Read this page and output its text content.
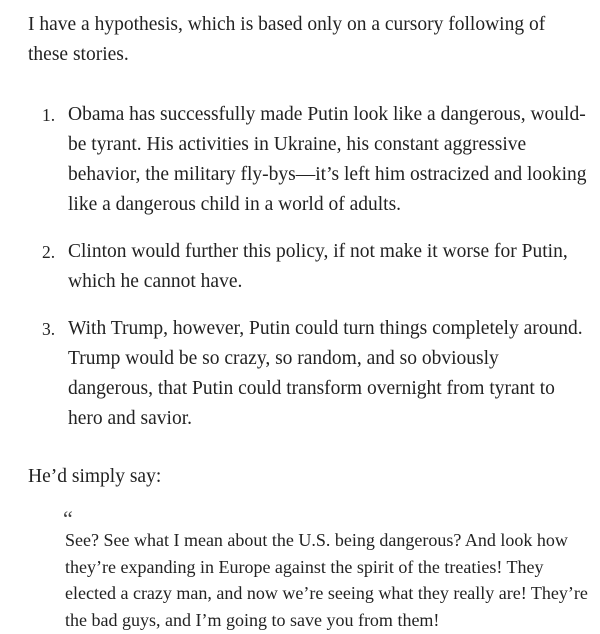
I have a hypothesis, which is based only on a cursory following of these stories.

1. Obama has successfully made Putin look like a dangerous, would-be tyrant. His activities in Ukraine, his constant aggressive behavior, the military fly-bys—it’s left him ostracized and looking like a dangerous child in a world of adults.
2. Clinton would further this policy, if not make it worse for Putin, which he cannot have.
3. With Trump, however, Putin could turn things completely around. Trump would be so crazy, so random, and so obviously dangerous, that Putin could transform overnight from tyrant to hero and savior.

He’d simply say:

“

See? See what I mean about the U.S. being dangerous? And look how they’re expanding in Europe against the spirit of the treaties! They elected a crazy man, and now we’re seeing what they really are! They’re the bad guys, and I’m going to save you from them!
